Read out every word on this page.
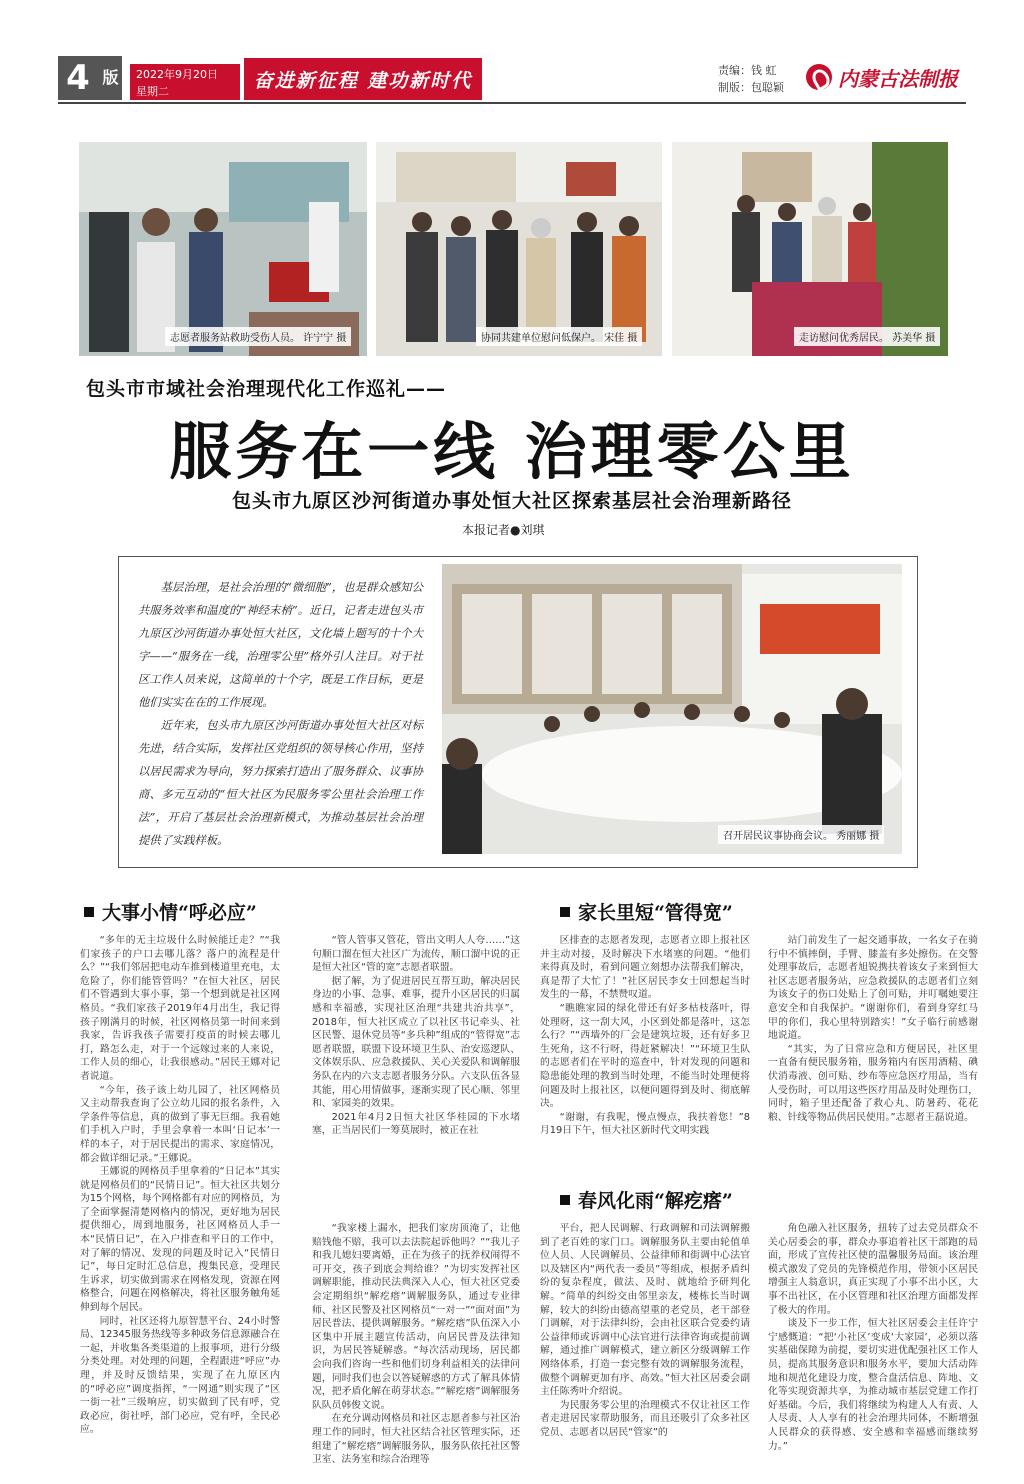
4 版 2022年9月20日
星期二	奋进新征程 建功新时代	责编：钱 虹
制版：包聪颖	内蒙古法制报
志愿者服务站救助受伤人员。 许宁宁 摄	协同共建单位慰问低保户。 宋佳 摄	走访慰问优秀居民。 苏美华 摄
包头市市域社会治理现代化工作巡礼——
服务在一线 治理零公里
包头市九原区沙河街道办事处恒大社区探索基层社会治理新路径
本报记者●刘琪

基层治理，是社会治理的“微细胞”，也是群众感知公共服务效率和温度的“神经末梢”。近日，记者走进包头市九原区沙河街道办事处恒大社区，文化墙上题写的十个大字——“服务在一线，治理零公里”格外引人注目。对于社区工作人员来说，这简单的十个字，既是工作目标，更是他们实实在在的工作展现。

近年来，包头市九原区沙河街道办事处恒大社区对标先进，结合实际，发挥社区党组织的领导核心作用，坚持以居民需求为导向，努力探索打造出了服务群众、议事协商、多元互动的“恒大社区为民服务零公里社会治理工作法”，开启了基层社会治理新模式，为推动基层社会治理提供了实践样板。	召开居民议事协商会议。 秀丽娜 摄
大事小情“呼必应”	家长里短“管得宽”
春风化雨“解疙瘩”

“多年的无主垃圾什么时候能迁走？”“我们家孩子的户口去哪儿落？落户的流程是什么？”“我们邻居把电动车推到楼道里充电，太危险了，你们能管管吗？”在恒大社区，居民们不管遇到大事小事，第一个想到就是社区网格员。“我们家孩子2019年4月出生，我记得孩子刚满月的时候，社区网格员第一时间来到我家，告诉我孩子需要打疫苗的时候去哪儿打，路怎么走，对于一个远嫁过来的人来说，工作人员的细心，让我很感动。”居民王娜对记者说道。

“今年，孩子该上幼儿园了，社区网格员又主动帮我查询了公立幼儿园的报名条件，入学条件等信息，真的做到了事无巨细。我看她们手机入户时，手里会拿着一本叫‘日记本’一样的本子，对于居民提出的需求、家庭情况，都会做详细记录。”王娜说。

王娜说的网格员手里拿着的“日记本”其实就是网格员们的“民情日记”。恒大社区共划分为15个网格，每个网格都有对应的网格员，为了全面掌握清楚网格内的情况，更好地为居民提供细心，周到地服务，社区网格员人手一本“民情日记”，在入户排查和平日的工作中，对了解的情况、发现的问题及时记入“民情日记”，每日定时汇总信息，搜集民意，受理民生诉求，切实做到需求在网格发现，资源在网格整合，问题在网格解决，将社区服务触角延伸到每个居民。

同时，社区还将九原智慧平台、24小时警局、12345服务热线等多种政务信息源融合在一起，并收集各类渠道的上报事项，进行分级分类处理。对处理的问题，全程跟进“呼应”办理，并及时反馈结果，实现了在九原区内的“呼必应”调度指挥，“一网通”则实现了“区一街一社”三级响应，切实做到了民有呼，党政必应，街社呼，部门必应，党有呼，全民必应。

“管人管事又管花，管出文明人人夸……”这句顺口溜在恒大社区广为流传，顺口溜中说的正是恒大社区“管的宽”志愿者联盟。

据了解，为了促进居民互帮互助，解决居民身边的小事、急事、难事，提升小区居民的归属感和幸福感，实现社区治理“共建共治共享”，2018年，恒大社区成立了以社区书记牵头、社区民警、退休党员等“多兵种”组成的“管得宽”志愿者联盟，联盟下设环境卫生队、治安巡逻队、文体娱乐队、应急救援队、关心关爱队和调解服务队在内的六支志愿者服务分队。六支队伍各显其能，用心用情做事，逐渐实现了民心顺、邻里和、家园美的效果。

2021年4月2日恒大社区华桂园的下水堵塞，正当居民们一筹莫展时，被正在社

区排查的志愿者发现，志愿者立即上报社区并主动对接，及时解决下水堵塞的问题。“他们来得真及时，看到问题立刻想办法帮我们解决，真是帮了大忙了！”社区居民李女士回想起当时发生的一幕，不禁赞叹道。

“瞧瞧家园的绿化带还有好多枯枝落叶，得处理呀，这一刮大风，小区到处都是落叶，这怎么行？”“西墙外的厂会是建筑垃圾，还有好多卫生死角，这不行呀，得赶紧解决！”“环境卫生队的志愿者们在平时的巡查中，针对发现的问题和隐患能处理的教到当时处理，不能当时处理便将问题及时上报社区，以便问题得到及时、彻底解决。

“谢谢，有我呢，慢点慢点，我扶着您！”8月19日下午，恒大社区新时代文明实践

站门前发生了一起交通事故，一名女子在骑行中不慎摔倒，手臂、膝盖有多处擦伤。在交警处理事故后，志愿者旭锐携扶着该女子来到恒大社区志愿者服务站，应急救援队的志愿者们立刻为该女子的伤口处贴上了创可贴，并叮嘱她要注意安全和自我保护。“谢谢你们，看到身穿红马甲的你们，我心里特别踏实！”女子临行前感谢地说道。

“其实，为了日常应急和方便居民，社区里一直备有便民服务箱，服务箱内有医用酒精、碘伏消毒液、创可贴、纱布等应急医疗用品，当有人受伤时，可以用这些医疗用品及时处理伤口，同时，箱子里还配备了救心丸、防暑药、花花粮、针线等物品供居民使用。”志愿者王磊说道。

“我家楼上漏水，把我们家房顶淹了，让他赔钱他不赔，我可以去法院起诉他吗？”“我儿子和我儿媳妇要离婚，正在为孩子的抚养权闹得不可开交，孩子到底会判给谁？”为切实发挥社区调解职能，推动民法典深入人心，恒大社区党委会定期组织“解疙瘩”调解服务队，通过专业律师、社区民警及社区网格员“一对一”“面对面”为居民普法、提供调解服务。“解疙瘩”队伍深入小区集中开展主题宣传活动，向居民普及法律知识，为居民答疑解惑。“每次活动现场，居民都会向我们咨询一些和他们切身利益相关的法律问题，同时我们也会以答疑解惑的方式了解具体情况，把矛盾化解在萌芽状态。”“解疙瘩”调解服务队队员韩俊文说。

在充分调动网格员和社区志愿者参与社区治理工作的同时，恒大社区结合社区管理实际，还组建了“解疙瘩”调解服务队，服务队依托社区警卫室、法务室和综合治理等

平台，把人民调解、行政调解和司法调解搬到了老百姓的家门口。调解服务队主要由轮值单位人员、人民调解员、公益律师和街调中心法官以及辖区内“两代表一委员”等组成，根据矛盾纠纷的复杂程度，做法、及时、就地给予研判化解。“简单的纠纷交由邻里亲友，楼栋长当时调解，较大的纠纷由德高望重的老党员，老干部登门调解，对于法律纠纷，会由社区联合党委约请公益律师或诉调中心法官进行法律咨询或提前调解，通过推广调解模式，建立新区分级调解工作网络体系，打造一套完整有效的调解服务流程，做整个调解更加有序、高效。”恒大社区居委会副主任陈秀叶介绍说。

为民服务零公里的治理模式不仅让社区工作者走进居民家帮助服务，而且还吸引了众多社区党员、志愿者以居民“管家”的

角色融入社区服务，扭转了过去党员群众不关心居委会的事，群众办事追着社区干部跑的局面，形成了宣传社区使的温馨服务局面。该治理模式激发了党员的先锋模范作用，带领小区居民增强主人翁意识，真正实现了小事不出小区，大事不出社区，在小区管理和社区治理方面都发挥了极大的作用。

谈及下一步工作，恒大社区居委会主任许宁宁感慨道：“把‘小社区’变成‘大家园’，必须以落实基础保障为前提，要切实进优配强社区工作人员，提高其服务意识和服务水平，要加大活动阵地和规范化建设力度，整合盘活信息、阵地、文化等实现资源共享，为推动城市基层党建工作打好基础。今后，我们将继续为构建人人有责、人人尽责、人人享有的社会治理共同体，不断增强人民群众的获得感、安全感和幸福感而继续努力。”
